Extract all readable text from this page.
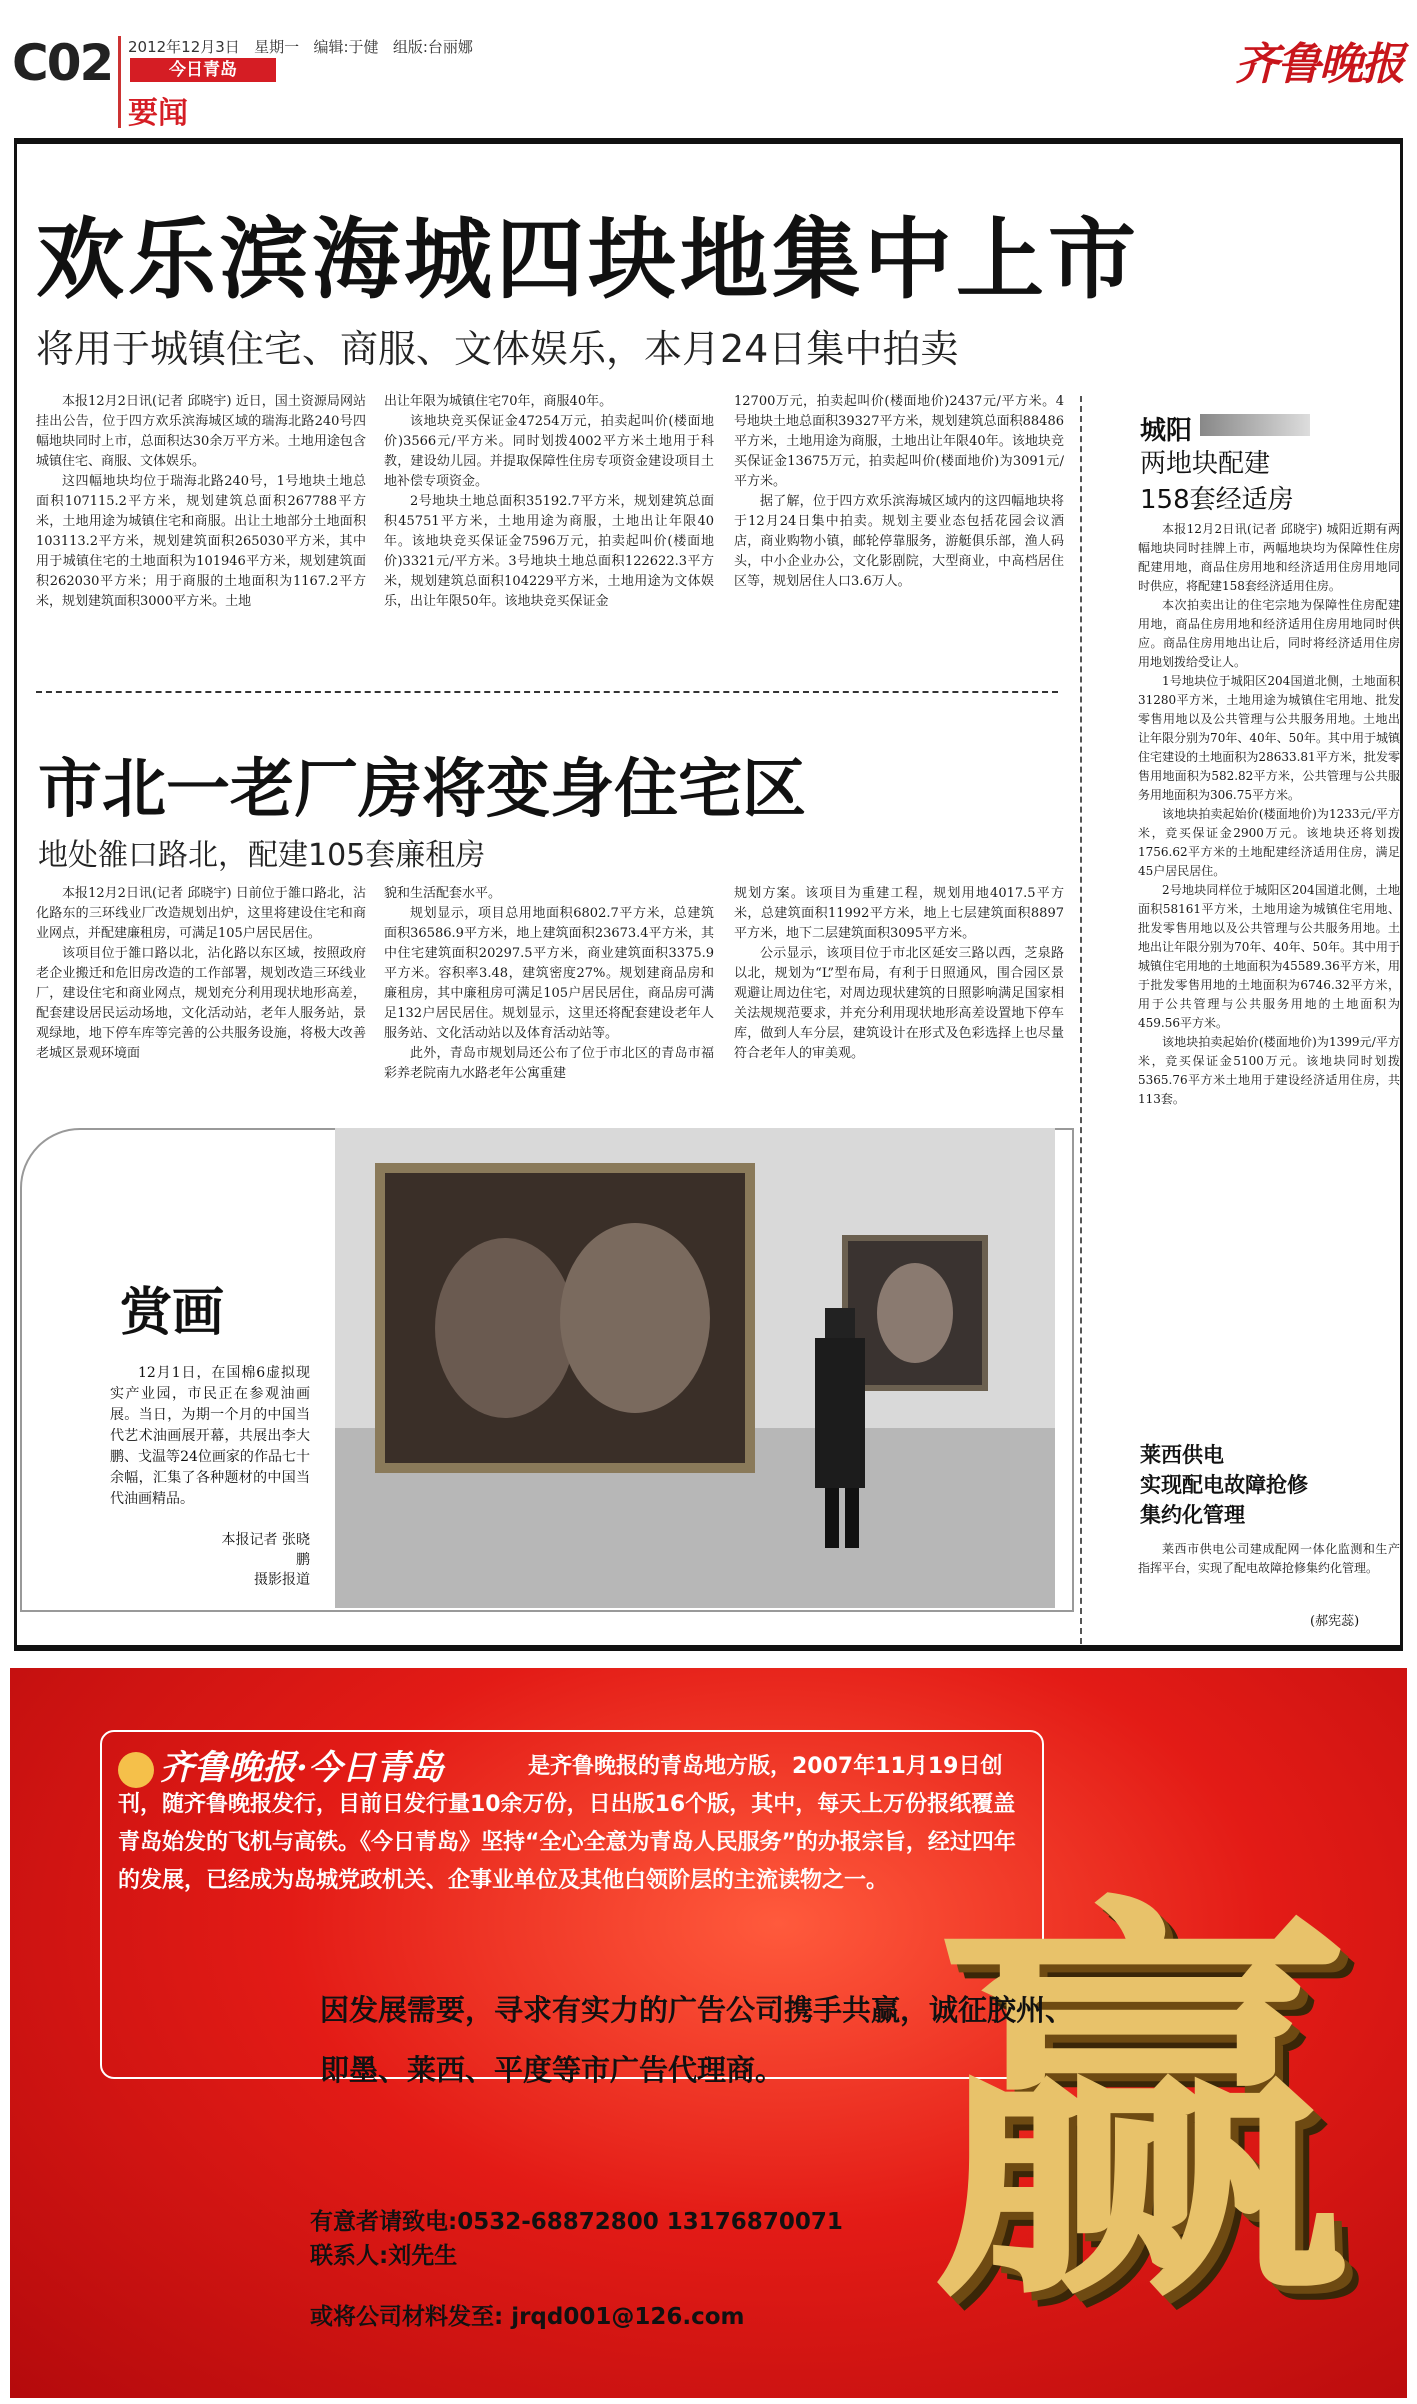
C02 2012年12月3日 星期一 编辑:于健 组版:台丽娜
今日青岛
要闻
齐鲁晚报
欢乐滨海城四块地集中上市
将用于城镇住宅、商服、文体娱乐，本月24日集中拍卖

本报12月2日讯(记者 邱晓宇) 近日，国土资源局网站挂出公告，位于四方欢乐滨海城区域的瑞海北路240号四幅地块同时上市，总面积达30余万平方米。土地用途包含城镇住宅、商服、文体娱乐。

这四幅地块均位于瑞海北路240号，1号地块土地总面积107115.2平方米，规划建筑总面积267788平方米，土地用途为城镇住宅和商服。出让土地部分土地面积103113.2平方米，规划建筑面积265030平方米，其中用于城镇住宅的土地面积为101946平方米，规划建筑面积262030平方米；用于商服的土地面积为1167.2平方米，规划建筑面积3000平方米。土地

出让年限为城镇住宅70年，商服40年。

该地块竞买保证金47254万元，拍卖起叫价(楼面地价)3566元/平方米。同时划拨4002平方米土地用于科教，建设幼儿园。并提取保障性住房专项资金建设项目土地补偿专项资金。

2号地块土地总面积35192.7平方米，规划建筑总面积45751平方米，土地用途为商服，土地出让年限40年。该地块竞买保证金7596万元，拍卖起叫价(楼面地价)3321元/平方米。3号地块土地总面积122622.3平方米，规划建筑总面积104229平方米，土地用途为文体娱乐，出让年限50年。该地块竞买保证金

12700万元，拍卖起叫价(楼面地价)2437元/平方米。4号地块土地总面积39327平方米，规划建筑总面积88486平方米，土地用途为商服，土地出让年限40年。该地块竞买保证金13675万元，拍卖起叫价(楼面地价)为3091元/平方米。

据了解，位于四方欢乐滨海城区域内的这四幅地块将于12月24日集中拍卖。规划主要业态包括花园会议酒店，商业购物小镇，邮轮停靠服务，游艇俱乐部，渔人码头，中小企业办公，文化影剧院，大型商业，中高档居住区等，规划居住人口3.6万人。

市北一老厂房将变身住宅区
地处雒口路北，配建105套廉租房

本报12月2日讯(记者 邱晓宇) 日前位于雒口路北，沾化路东的三环线业厂改造规划出炉，这里将建设住宅和商业网点，并配建廉租房，可满足105户居民居住。

该项目位于雒口路以北，沾化路以东区域，按照政府老企业搬迁和危旧房改造的工作部署，规划改造三环线业厂，建设住宅和商业网点，规划充分利用现状地形高差，配套建设居民运动场地，文化活动站，老年人服务站，景观绿地，地下停车库等完善的公共服务设施，将极大改善老城区景观环境面

貌和生活配套水平。

规划显示，项目总用地面积6802.7平方米，总建筑面积36586.9平方米，地上建筑面积23673.4平方米，其中住宅建筑面积20297.5平方米，商业建筑面积3375.9平方米。容积率3.48，建筑密度27%。规划建商品房和廉租房，其中廉租房可满足105户居民居住，商品房可满足132户居民居住。规划显示，这里还将配套建设老年人服务站、文化活动站以及体育活动站等。

此外，青岛市规划局还公布了位于市北区的青岛市福彩养老院南九水路老年公寓重建

规划方案。该项目为重建工程，规划用地4017.5平方米，总建筑面积11992平方米，地上七层建筑面积8897平方米，地下二层建筑面积3095平方米。

公示显示，该项目位于市北区延安三路以西，芝泉路以北，规划为“L”型布局，有利于日照通风，围合园区景观避让周边住宅，对周边现状建筑的日照影响满足国家相关法规规范要求，并充分利用现状地形高差设置地下停车库，做到人车分层，建筑设计在形式及色彩选择上也尽量符合老年人的审美观。

赏画

12月1日，在国棉6虚拟现实产业园，市民正在参观油画展。当日，为期一个月的中国当代艺术油画展开幕，共展出李大鹏、戈温等24位画家的作品七十余幅，汇集了各种题材的中国当代油画精品。

本报记者 张晓鹏
摄影报道
城阳
两地块配建
158套经适房

本报12月2日讯(记者 邱晓宇) 城阳近期有两幅地块同时挂牌上市，两幅地块均为保障性住房配建用地，商品住房用地和经济适用住房用地同时供应，将配建158套经济适用住房。

本次拍卖出让的住宅宗地为保障性住房配建用地，商品住房用地和经济适用住房用地同时供应。商品住房用地出让后，同时将经济适用住房用地划拨给受让人。

1号地块位于城阳区204国道北侧，土地面积31280平方米，土地用途为城镇住宅用地、批发零售用地以及公共管理与公共服务用地。土地出让年限分别为70年、40年、50年。其中用于城镇住宅建设的土地面积为28633.81平方米，批发零售用地面积为582.82平方米，公共管理与公共服务用地面积为306.75平方米。

该地块拍卖起始价(楼面地价)为1233元/平方米，竞买保证金2900万元。该地块还将划拨1756.62平方米的土地配建经济适用住房，满足45户居民居住。

2号地块同样位于城阳区204国道北侧，土地面积58161平方米，土地用途为城镇住宅用地、批发零售用地以及公共管理与公共服务用地。土地出让年限分别为70年、40年、50年。其中用于城镇住宅用地的土地面积为45589.36平方米，用于批发零售用地的土地面积为6746.32平方米，用于公共管理与公共服务用地的土地面积为459.56平方米。

该地块拍卖起始价(楼面地价)为1399元/平方米，竞买保证金5100万元。该地块同时划拨5365.76平方米土地用于建设经济适用住房，共113套。

莱西供电
实现配电故障抢修
集约化管理

莱西市供电公司建成配网一体化监测和生产指挥平台，实现了配电故障抢修集约化管理。

(郝宪蕊)
是齐鲁晚报的青岛地方版，2007年11月19日创刊，随齐鲁晚报发行，目前日发行量10余万份，日出版16个版，其中，每天上万份报纸覆盖青岛始发的飞机与高铁。《今日青岛》坚持“全心全意为青岛人民服务”的办报宗旨，经过四年的发展，已经成为岛城党政机关、企事业单位及其他白领阶层的主流读物之一。
齐鲁晚报·今日青岛
赢
因发展需要，寻求有实力的广告公司携手共赢，诚征胶州、即墨、莱西、平度等市广告代理商。
有意者请致电:0532-68872800 13176870071
联系人:刘先生
或将公司材料发至: jrqd001@126.com
